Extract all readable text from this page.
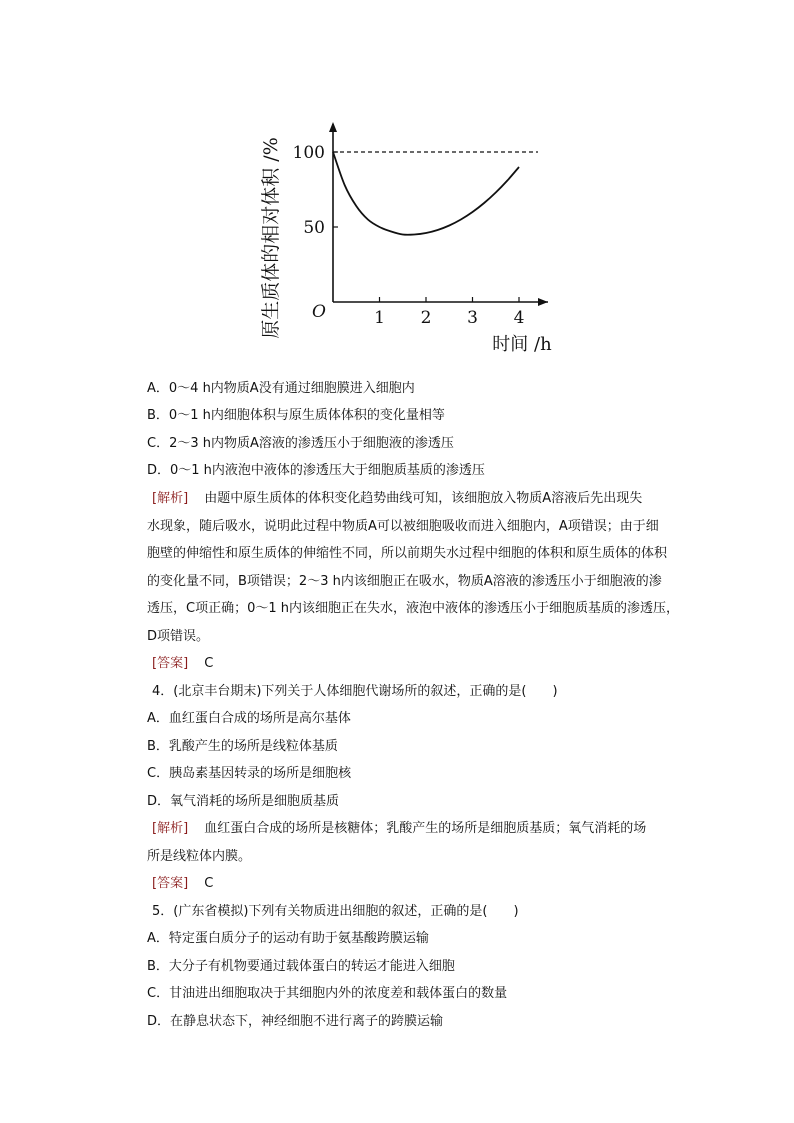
1 2 3 4
50
100
O
时间 /h
原生质体的相对体积 /%
A．0～4 h内物质A没有通过细胞膜进入细胞内
B．0～1 h内细胞体积与原生质体体积的变化量相等
C．2～3 h内物质A溶液的渗透压小于细胞液的渗透压
D．0～1 h内液泡中液体的渗透压大于细胞质基质的渗透压
[解析] 由题中原生质体的体积变化趋势曲线可知，该细胞放入物质A溶液后先出现失
水现象，随后吸水，说明此过程中物质A可以被细胞吸收而进入细胞内，A项错误；由于细
胞壁的伸缩性和原生质体的伸缩性不同，所以前期失水过程中细胞的体积和原生质体的体积
的变化量不同，B项错误；2～3 h内该细胞正在吸水，物质A溶液的渗透压小于细胞液的渗
透压，C项正确；0～1 h内该细胞正在失水，液泡中液体的渗透压小于细胞质基质的渗透压，
D项错误。
[答案] C
4．(北京丰台期末)下列关于人体细胞代谢场所的叙述，正确的是(　　)
A．血红蛋白合成的场所是高尔基体
B．乳酸产生的场所是线粒体基质
C．胰岛素基因转录的场所是细胞核
D．氧气消耗的场所是细胞质基质
[解析] 血红蛋白合成的场所是核糖体；乳酸产生的场所是细胞质基质；氧气消耗的场
所是线粒体内膜。
[答案] C
5．(广东省模拟)下列有关物质进出细胞的叙述，正确的是(　　)
A．特定蛋白质分子的运动有助于氨基酸跨膜运输
B．大分子有机物要通过载体蛋白的转运才能进入细胞
C．甘油进出细胞取决于其细胞内外的浓度差和载体蛋白的数量
D．在静息状态下，神经细胞不进行离子的跨膜运输
